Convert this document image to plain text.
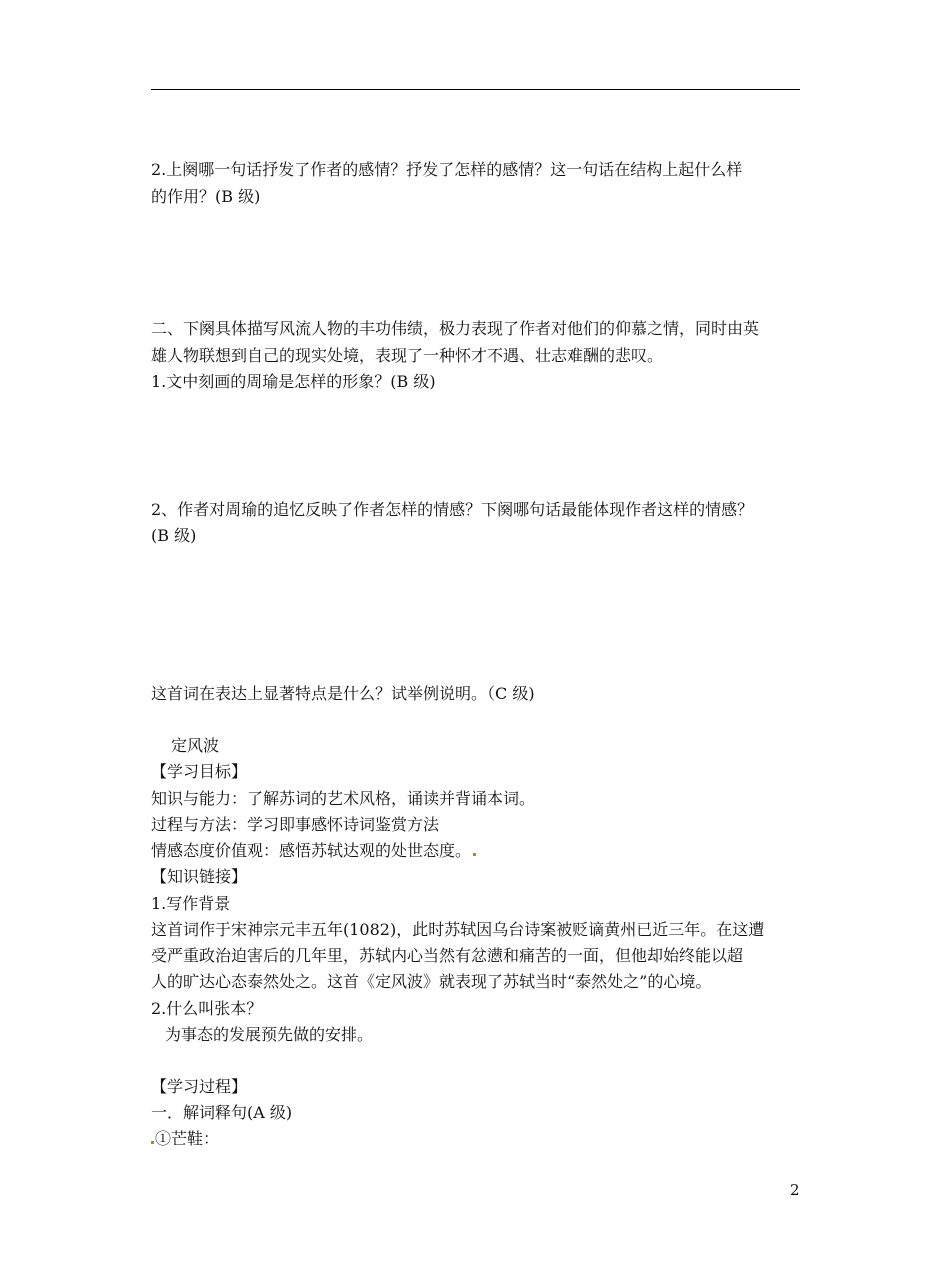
2.上阕哪一句话抒发了作者的感情？抒发了怎样的感情？这一句话在结构上起什么样
的作用？(B 级)
二、下阕具体描写风流人物的丰功伟绩，极力表现了作者对他们的仰慕之情，同时由英
雄人物联想到自己的现实处境，表现了一种怀才不遇、壮志难酬的悲叹。
1.文中刻画的周瑜是怎样的形象？(B 级)
2、作者对周瑜的追忆反映了作者怎样的情感？下阕哪句话最能体现作者这样的情感？
(B 级)
这首词在表达上显著特点是什么？试举例说明。（C 级)
定风波
【学习目标】
知识与能力：了解苏词的艺术风格，诵读并背诵本词。
过程与方法：学习即事感怀诗词鉴赏方法
情感态度价值观：感悟苏轼达观的处世态度。
【知识链接】
1.写作背景
这首词作于宋神宗元丰五年(1082)，此时苏轼因乌台诗案被贬谪黄州已近三年。在这遭
受严重政治迫害后的几年里，苏轼内心当然有忿懑和痛苦的一面，但他却始终能以超
人的旷达心态泰然处之。这首《定风波》就表现了苏轼当时“泰然处之”的心境。
2.什么叫张本？
为事态的发展预先做的安排。
【学习过程】
一．解词释句(A 级)
①芒鞋：
2
